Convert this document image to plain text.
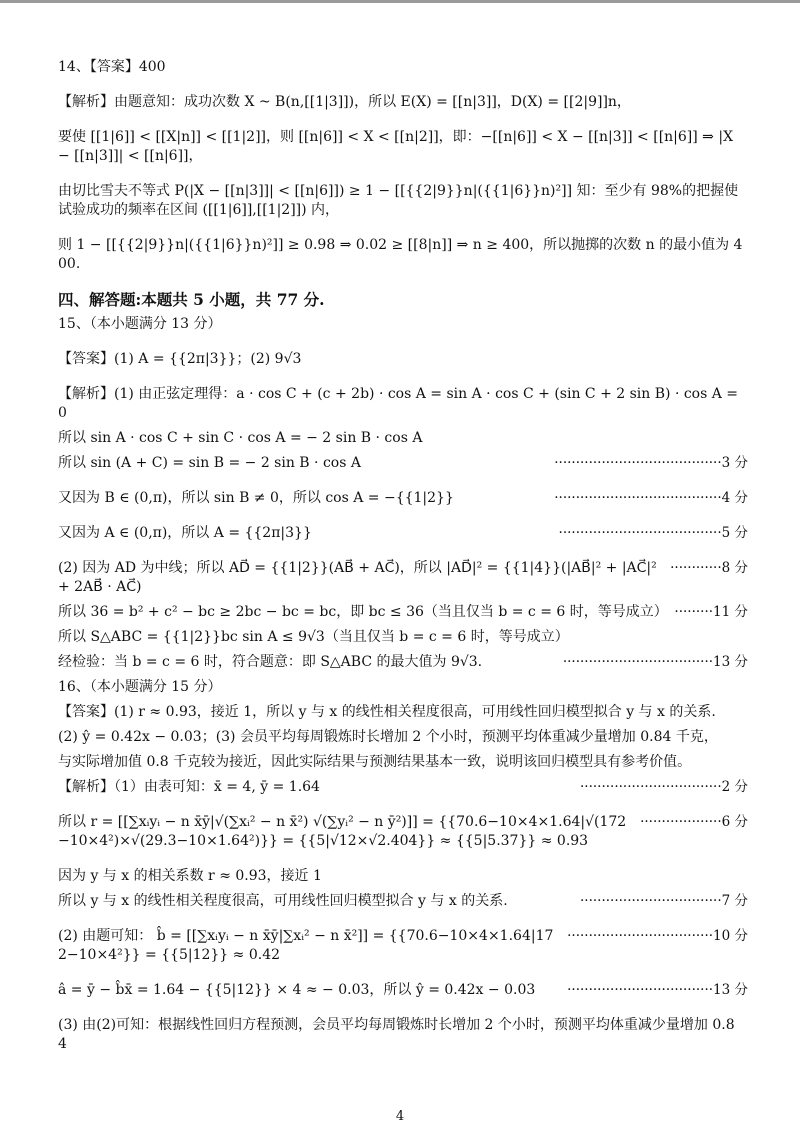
14、【答案】400
【解析】由题意知：成功次数 X ~ B(n,[[1|3]])，所以 E(X) = [[n|3]]，D(X) = [[2|9]]n，
要使 [[1|6]] < [[X|n]] < [[1|2]]，则 [[n|6]] < X < [[n|2]]，即：−[[n|6]] < X − [[n|3]] < [[n|6]] ⇒ |X − [[n|3]]| < [[n|6]]，
由切比雪夫不等式 P(|X − [[n|3]]| < [[n|6]]) ≥ 1 − [[{{2|9}}n|({{1|6}}n)²]] 知：至少有 98%的把握使试验成功的频率在区间 ([[1|6]],[[1|2]]) 内，
则 1 − [[{{2|9}}n|({{1|6}}n)²]] ≥ 0.98 ⇒ 0.02 ≥ [[8|n]] ⇒ n ≥ 400，所以抛掷的次数 n 的最小值为 400.
四、解答题:本题共 5 小题，共 77 分.
15、（本小题满分 13 分）
【答案】(1) A = {{2π|3}}；(2) 9√3
【解析】(1) 由正弦定理得：a · cos C + (c + 2b) · cos A = sin A · cos C + (sin C + 2 sin B) · cos A = 0
所以 sin A · cos C + sin C · cos A = − 2 sin B · cos A
所以 sin (A + C) = sin B = − 2 sin B · cos A	·······································3 分
又因为 B ∈ (0,π)，所以 sin B ≠ 0，所以 cos A = −{{1|2}}	·······································4 分
又因为 A ∈ (0,π)，所以 A = {{2π|3}}	······································5 分
(2) 因为 AD 为中线；所以 AD⃗ = {{1|2}}(AB⃗ + AC⃗)，所以 |AD⃗|² = {{1|4}}(|AB⃗|² + |AC⃗|² + 2AB⃗ · AC⃗)
············8 分
所以 36 = b² + c² − bc ≥ 2bc − bc = bc，即 bc ≤ 36（当且仅当 b = c = 6 时，等号成立） ·········11 分
所以 S△ABC = {{1|2}}bc sin A ≤ 9√3（当且仅当 b = c = 6 时，等号成立）
经检验：当 b = c = 6 时，符合题意：即 S△ABC 的最大值为 9√3.	···································13 分
16、（本小题满分 15 分）
【答案】(1) r ≈ 0.93，接近 1，所以 y 与 x 的线性相关程度很高，可用线性回归模型拟合 y 与 x 的关系.
(2) ŷ = 0.42x − 0.03；(3) 会员平均每周锻炼时长增加 2 个小时，预测平均体重减少量增加 0.84 千克，
与实际增加值 0.8 千克较为接近，因此实际结果与预测结果基本一致，说明该回归模型具有参考价值。
【解析】（1）由表可知：x̄ = 4, ȳ = 1.64	·································2 分
所以 r = [[∑xᵢyᵢ − n x̄ȳ|√(∑xᵢ² − n x̄²) √(∑yᵢ² − n ȳ²)]] = {{70.6−10×4×1.64|√(172−10×4²)×√(29.3−10×1.64²)}} = {{5|√12×√2.404}} ≈ {{5|5.37}} ≈ 0.93
···················6 分
因为 y 与 x 的相关系数 r ≈ 0.93，接近 1
所以 y 与 x 的线性相关程度很高，可用线性回归模型拟合 y 与 x 的关系.	·································7 分
(2) 由题可知： b̂ = [[∑xᵢyᵢ − n x̄ȳ|∑xᵢ² − n x̄²]] = {{70.6−10×4×1.64|172−10×4²}} = {{5|12}} ≈ 0.42
··································10 分
â = ȳ − b̂x̄ = 1.64 − {{5|12}} × 4 ≈ − 0.03，所以 ŷ = 0.42x − 0.03	··································13 分
(3) 由(2)可知：根据线性回归方程预测，会员平均每周锻炼时长增加 2 个小时，预测平均体重减少量增加 0.84
4
